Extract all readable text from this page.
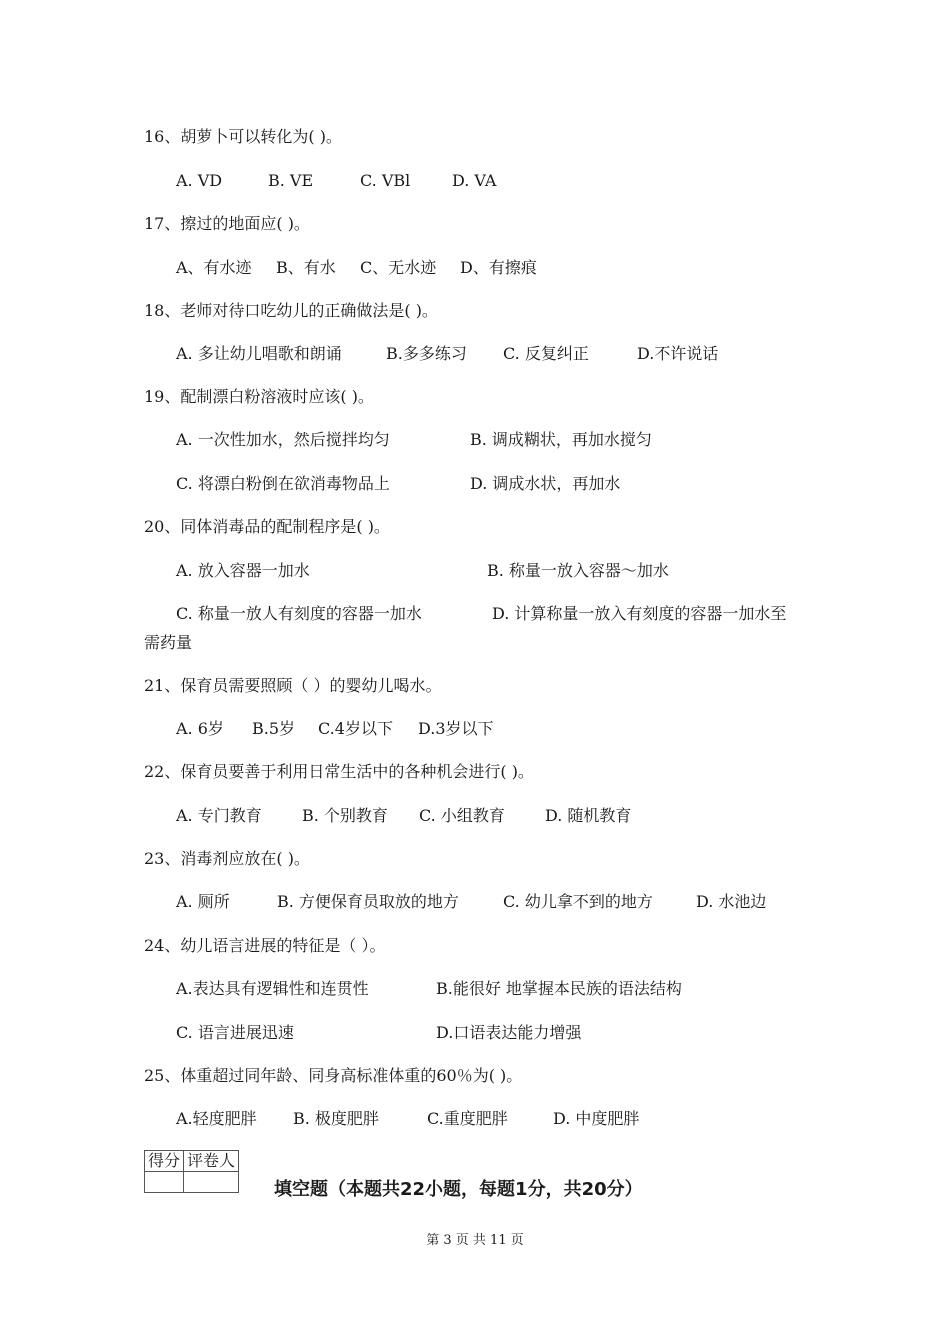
16、胡萝卜可以转化为( )。
A. VD	B. VE	C. VBl	D. VA
17、擦过的地面应( )。
A、有水迹 B、有水 C、无水迹 D、有擦痕
18、老师对待口吃幼儿的正确做法是( )。
A. 多让幼儿唱歌和朗诵	B.多多练习 C. 反复纠正	D.不许说话
19、配制漂白粉溶液时应该( )。
A. 一次性加水，然后搅拌均匀	B. 调成糊状，再加水搅匀
C. 将漂白粉倒在欲消毒物品上	D. 调成水状，再加水
20、同体消毒品的配制程序是( )。
A. 放入容器一加水	B. 称量一放入容器～加水
C. 称量一放人有刻度的容器一加水	D. 计算称量一放入有刻度的容器一加水至
需药量
21、保育员需要照顾（ ）的婴幼儿喝水。
A. 6岁 B.5岁 C.4岁以下 D.3岁以下
22、保育员要善于利用日常生活中的各种机会进行( )。
A. 专门教育	B. 个别教育 C. 小组教育	D. 随机教育
23、消毒剂应放在( )。
A. 厕所	B. 方便保育员取放的地方	C. 幼儿拿不到的地方	D. 水池边
24、幼儿语言进展的特征是（ ）。
A.表达具有逻辑性和连贯性	B.能很好 地掌握本民族的语法结构
C. 语言进展迅速	D.口语表达能力增强
25、体重超过同年龄、同身高标准体重的60％为( )。
A.轻度肥胖 B. 极度肥胖	C.重度肥胖	D. 中度肥胖
得分	评卷人

填空题（本题共22小题，每题1分，共20分）
第 3 页 共 11 页
